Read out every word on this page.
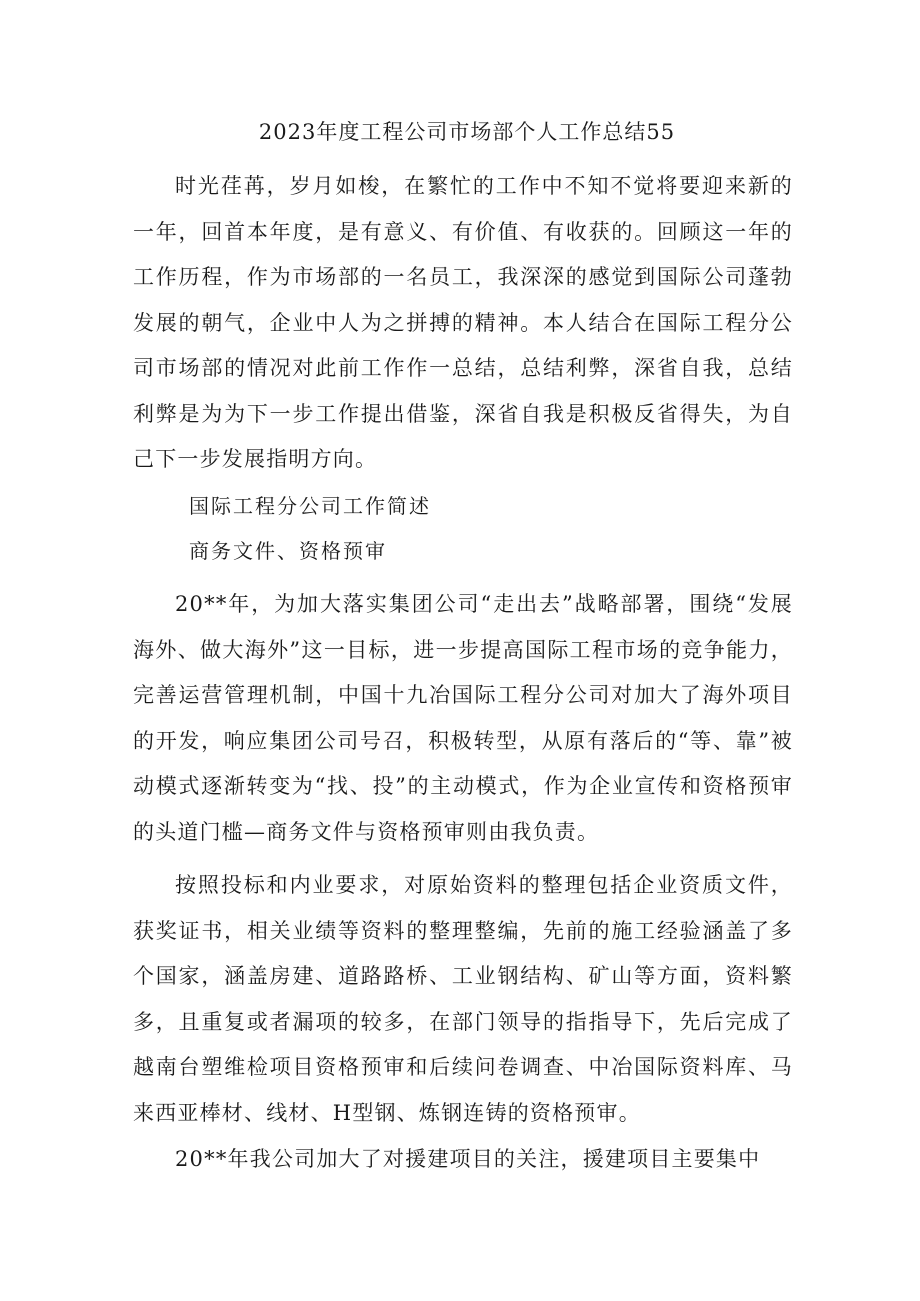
2023年度工程公司市场部个人工作总结55

时光荏苒，岁月如梭，在繁忙的工作中不知不觉将要迎来新的一年，回首本年度，是有意义、有价值、有收获的。回顾这一年的工作历程，作为市场部的一名员工，我深深的感觉到国际公司蓬勃发展的朝气，企业中人为之拼搏的精神。本人结合在国际工程分公司市场部的情况对此前工作作一总结，总结利弊，深省自我，总结利弊是为为下一步工作提出借鉴，深省自我是积极反省得失，为自己下一步发展指明方向。

国际工程分公司工作简述

商务文件、资格预审

20**年，为加大落实集团公司“走出去”战略部署，围绕“发展海外、做大海外”这一目标，进一步提高国际工程市场的竞争能力，完善运营管理机制，中国十九冶国际工程分公司对加大了海外项目的开发，响应集团公司号召，积极转型，从原有落后的“等、靠”被动模式逐渐转变为“找、投”的主动模式，作为企业宣传和资格预审的头道门槛—商务文件与资格预审则由我负责。

按照投标和内业要求，对原始资料的整理包括企业资质文件，获奖证书，相关业绩等资料的整理整编，先前的施工经验涵盖了多个国家，涵盖房建、道路路桥、工业钢结构、矿山等方面，资料繁多，且重复或者漏项的较多，在部门领导的指指导下，先后完成了越南台塑维检项目资格预审和后续问卷调查、中冶国际资料库、马来西亚棒材、线材、H型钢、炼钢连铸的资格预审。

20**年我公司加大了对援建项目的关注，援建项目主要集中
